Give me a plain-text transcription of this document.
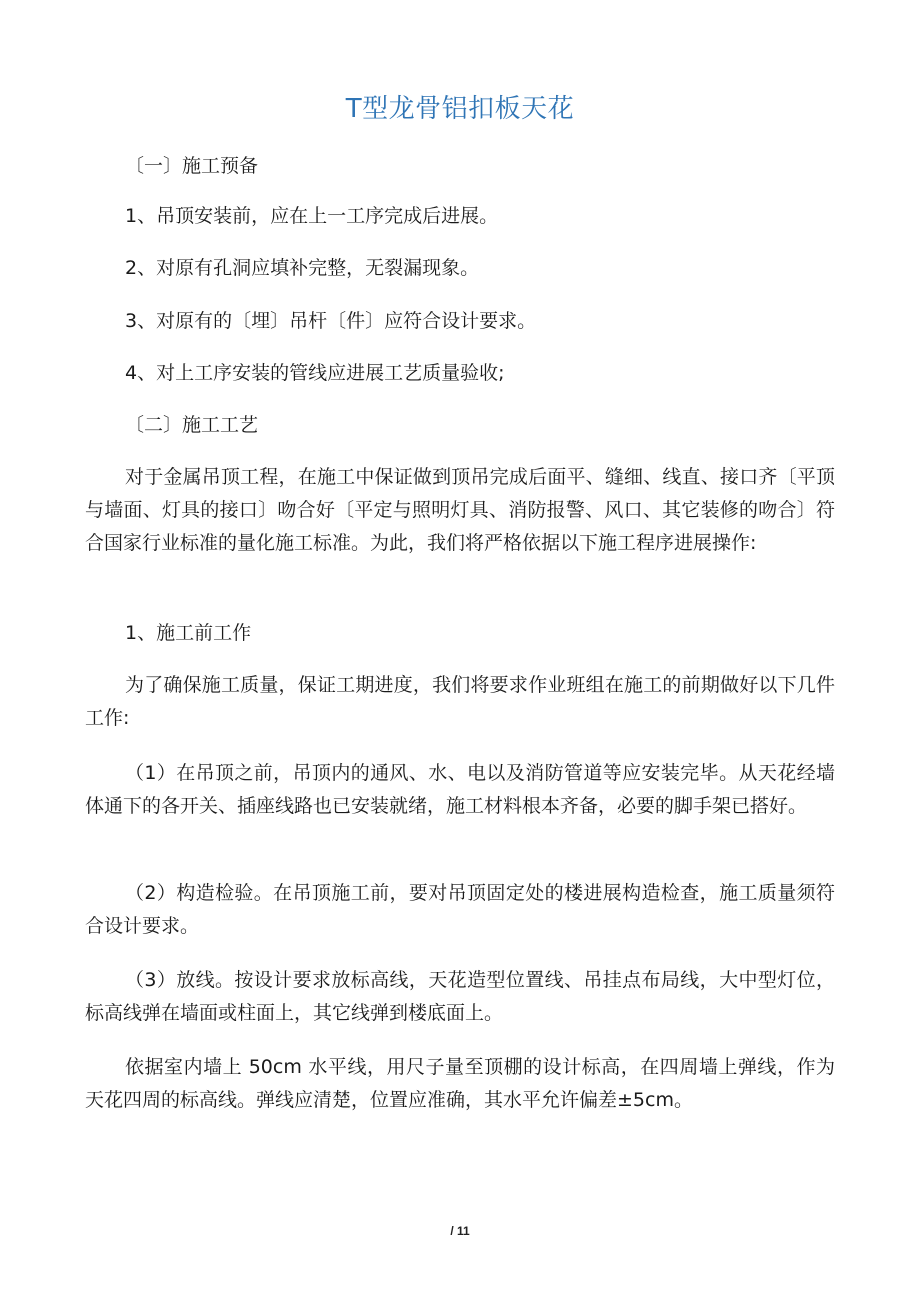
T型龙骨铝扣板天花
〔一〕施工预备
1、吊顶安装前，应在上一工序完成后进展。
2、对原有孔洞应填补完整，无裂漏现象。
3、对原有的〔埋〕吊杆〔件〕应符合设计要求。
4、对上工序安装的管线应进展工艺质量验收;
〔二〕施工工艺
对于金属吊顶工程，在施工中保证做到顶吊完成后面平、缝细、线直、接口齐〔平顶与墙面、灯具的接口〕吻合好〔平定与照明灯具、消防报警、风口、其它装修的吻合〕符合国家行业标准的量化施工标准。为此，我们将严格依据以下施工程序进展操作:
1、施工前工作
为了确保施工质量，保证工期进度，我们将要求作业班组在施工的前期做好以下几件工作:
（1）在吊顶之前，吊顶内的通风、水、电以及消防管道等应安装完毕。从天花经墙体通下的各开关、插座线路也已安装就绪，施工材料根本齐备，必要的脚手架已搭好。
（2）构造检验。在吊顶施工前，要对吊顶固定处的楼进展构造检查，施工质量须符合设计要求。
（3）放线。按设计要求放标高线，天花造型位置线、吊挂点布局线，大中型灯位，标高线弹在墙面或柱面上，其它线弹到楼底面上。
依据室内墙上 50cm 水平线，用尺子量至顶棚的设计标高，在四周墙上弹线，作为天花四周的标高线。弹线应清楚，位置应准确，其水平允许偏差±5cm。
/ 11
